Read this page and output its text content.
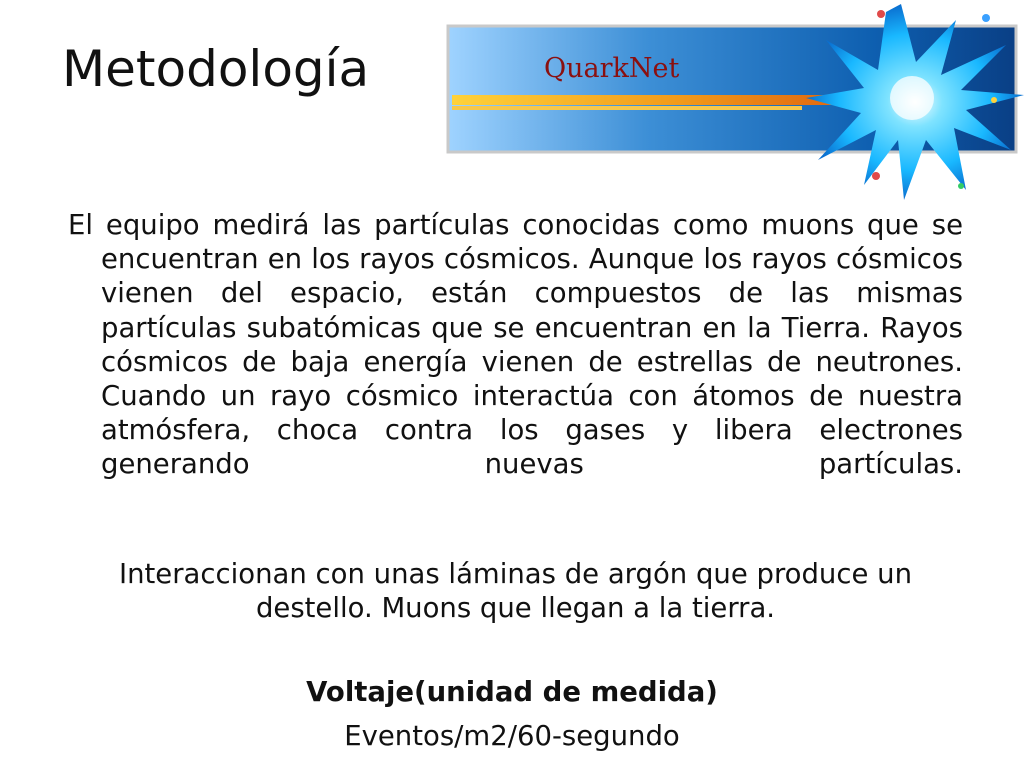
Metodología	QuarkNet
El equipo medirá las partículas conocidas como muons que se encuentran en los rayos cósmicos. Aunque los rayos cósmicos vienen del espacio, están compuestos de las mismas partículas subatómicas que se encuentran en la Tierra. Rayos cósmicos de baja energía vienen de estrellas de neutrones. Cuando un rayo cósmico interactúa con átomos de nuestra atmósfera, choca contra los gases y libera electrones generando nuevas partículas.
Interaccionan con unas láminas de argón que produce un destello. Muons que llegan a la tierra.
Voltaje(unidad de medida)
Eventos/m2/60-segundo
